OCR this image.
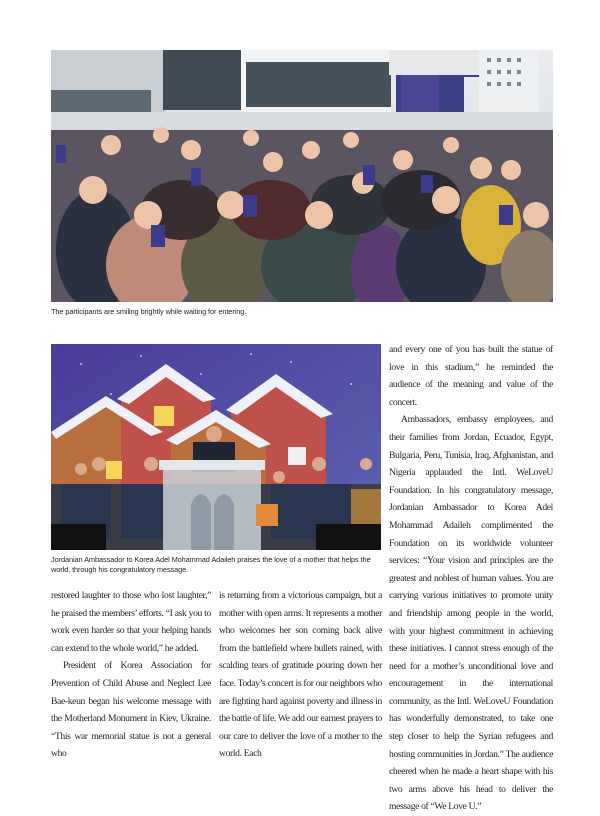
The participants are smiling brightly while waiting for entering.
Jordanian Ambassador to Korea Adel Mohammad Adaileh praises the love of a mother that helps the world, through his congratulatory message.

restored laughter to those who lost laughter,” he praised the members’ efforts. “I ask you to work even harder so that your helping hands can extend to the whole world,” he added.

President of Korea Association for Prevention of Child Abuse and Neglect Lee Bae-keun began his welcome message with the Motherland Monument in Kiev, Ukraine. “This war memorial statue is not a general who

is returning from a victorious campaign, but a mother with open arms. It represents a mother who welcomes her son coming back alive from the battlefield where bullets rained, with scalding tears of gratitude pouring down her face. Today’s concert is for our neighbors who are fighting hard against poverty and illness in the battle of life. We add our earnest prayers to our care to deliver the love of a mother to the world. Each

and every one of you has built the statue of love in this stadium,” he reminded the audience of the meaning and value of the concert.

Ambassadors, embassy employees, and their families from Jordan, Ecuador, Egypt, Bulgaria, Peru, Tunisia, Iraq, Afghanistan, and Nigeria applauded the Intl. WeLoveU Foundation. In his congratulatory message, Jordanian Ambassador to Korea Adel Mohammad Adaileh complimented the Foundation on its worldwide volunteer services: “Your vision and principles are the greatest and noblest of human values. You are carrying various initiatives to promote unity and friendship among people in the world, with your highest commitment in achieving these initiatives. I cannot stress enough of the need for a mother’s unconditional love and encouragement in the international community, as the Intl. WeLoveU Foundation has wonderfully demonstrated, to take one step closer to help the Syrian refugees and hosting communities in Jordan.” The audience cheered when he made a heart shape with his two arms above his head to deliver the message of “We Love U.”
